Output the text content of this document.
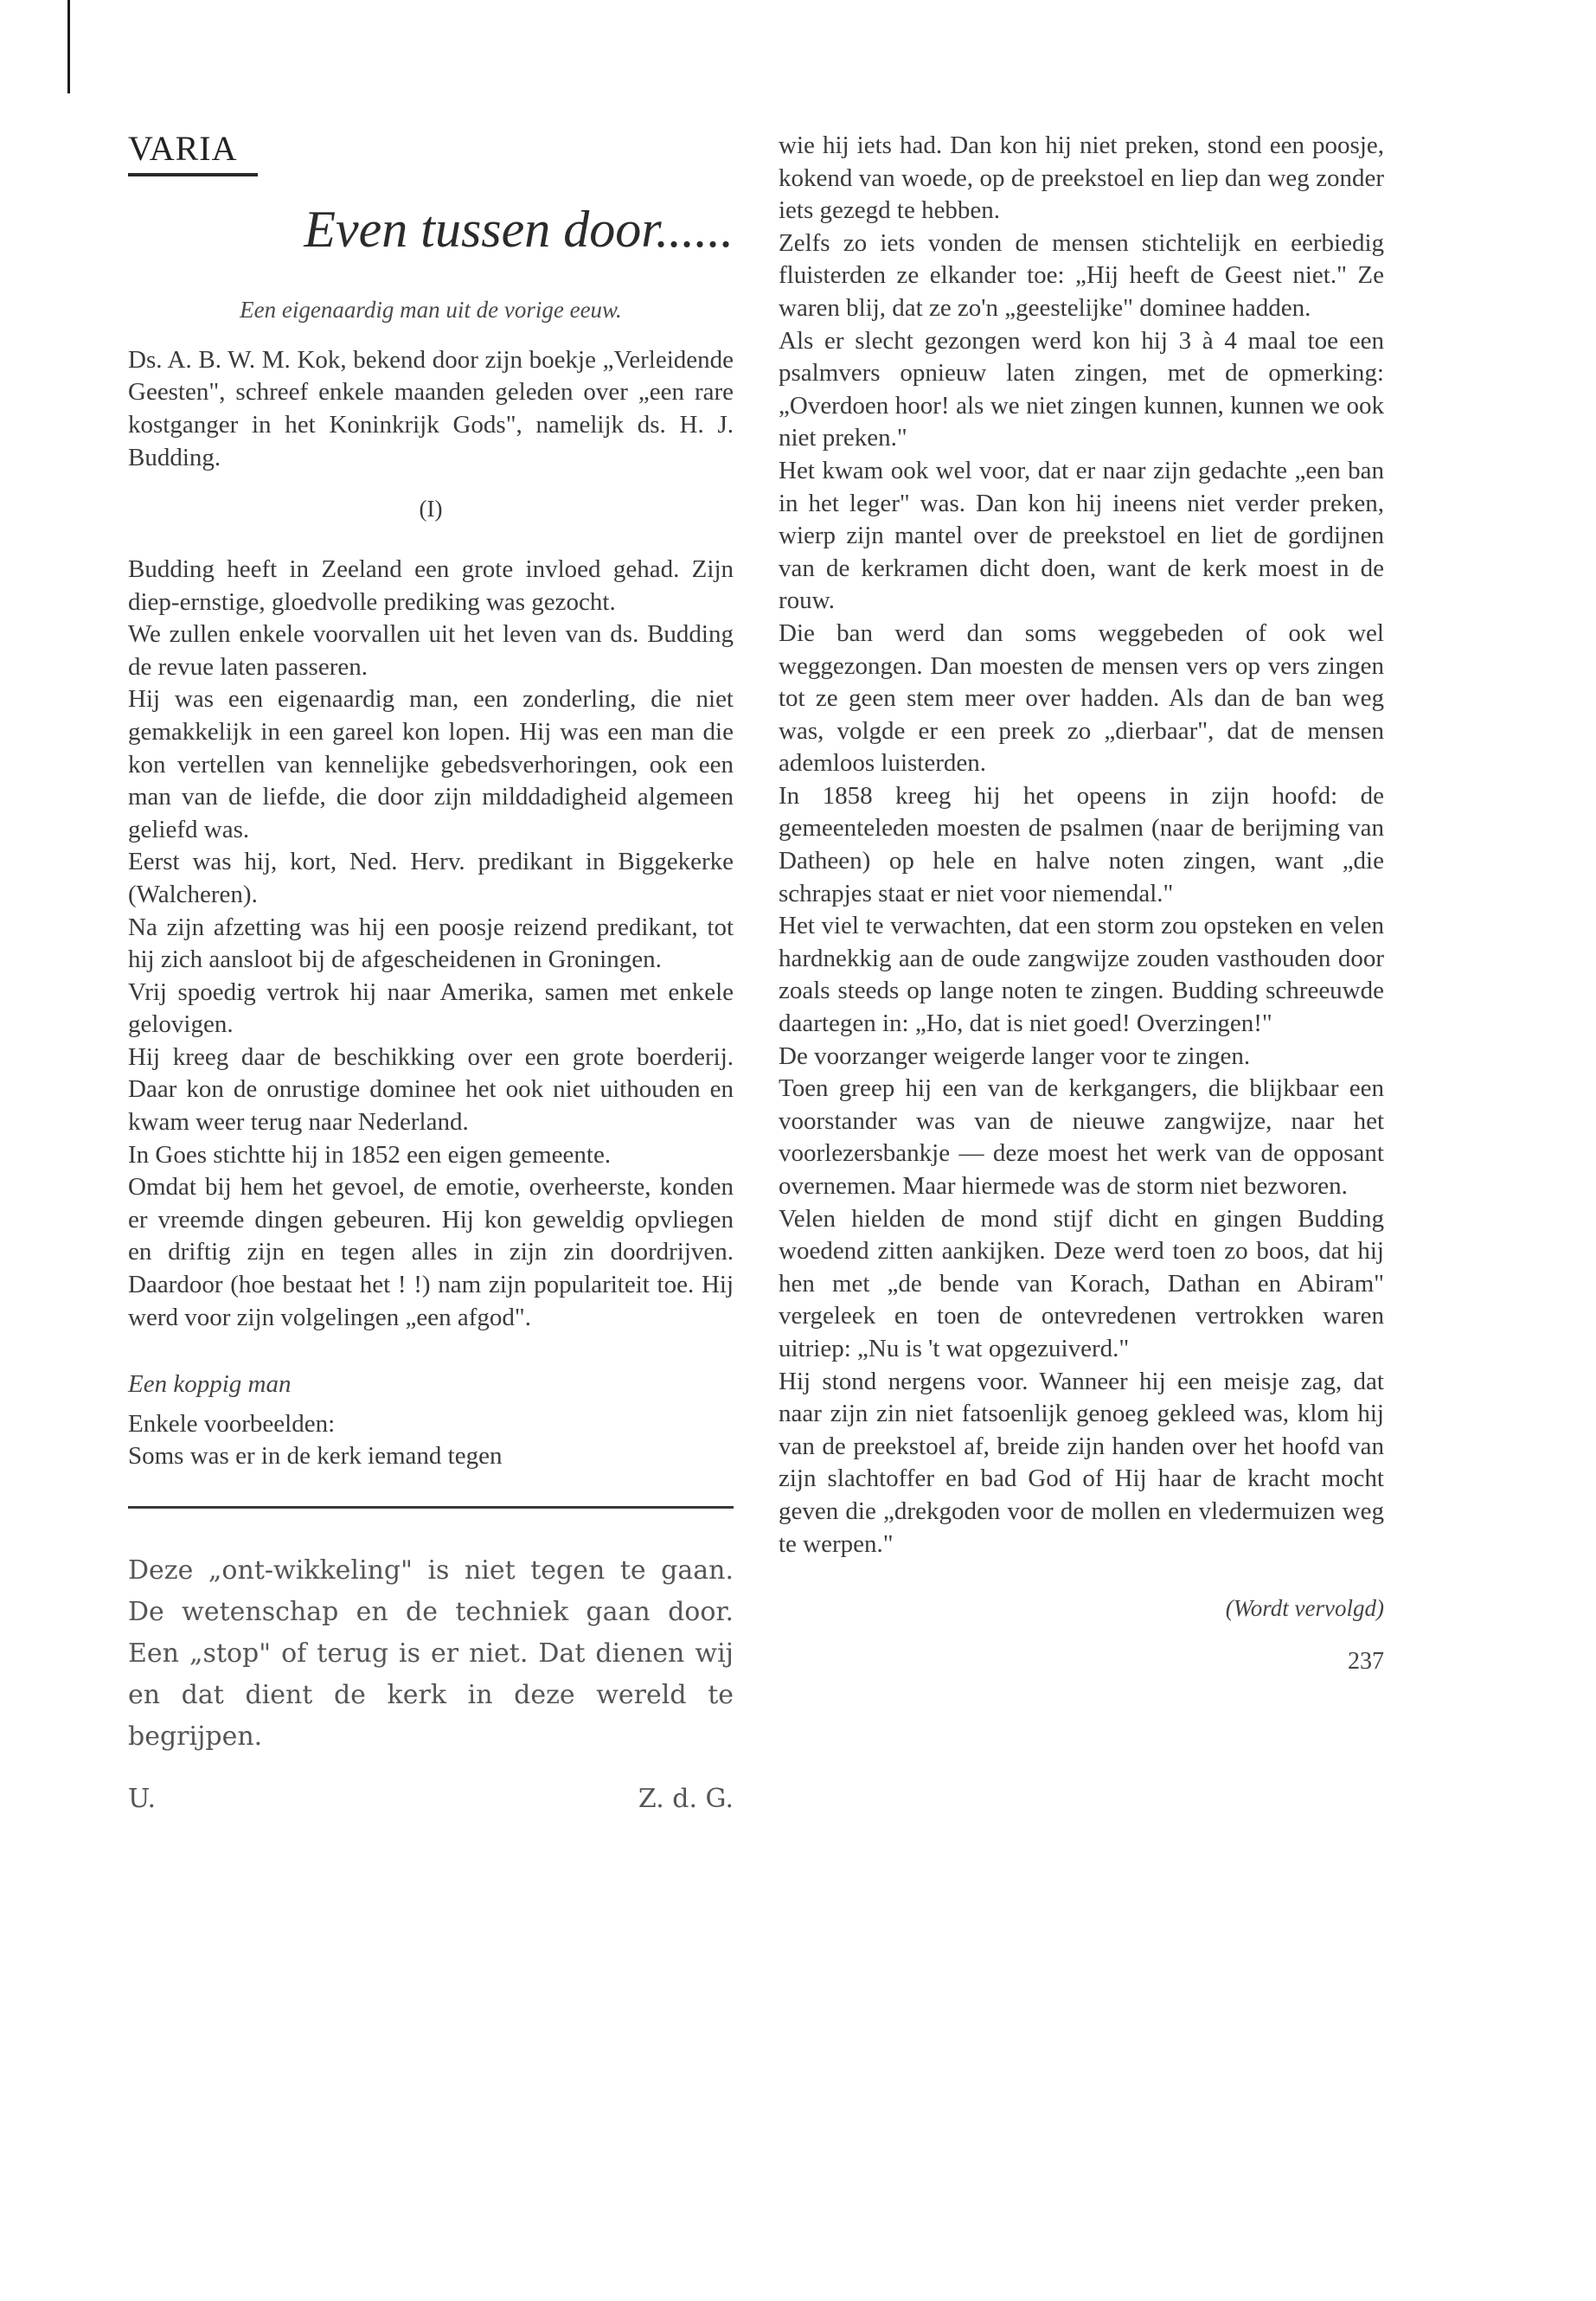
VARIA
Even tussen door......
Een eigenaardig man uit de vorige eeuw.

Ds. A. B. W. M. Kok, bekend door zijn boekje „Verleidende Geesten", schreef enkele maanden geleden over „een rare kostganger in het Koninkrijk Gods", namelijk ds. H. J. Budding.

(I)

Budding heeft in Zeeland een grote invloed gehad. Zijn diep-ernstige, gloedvolle prediking was gezocht.

We zullen enkele voorvallen uit het leven van ds. Budding de revue laten passeren.

Hij was een eigenaardig man, een zonderling, die niet gemakkelijk in een gareel kon lopen. Hij was een man die kon vertellen van kennelijke gebedsverhoringen, ook een man van de liefde, die door zijn milddadigheid algemeen geliefd was.

Eerst was hij, kort, Ned. Herv. predikant in Biggekerke (Walcheren).

Na zijn afzetting was hij een poosje reizend predikant, tot hij zich aansloot bij de afgescheidenen in Groningen.

Vrij spoedig vertrok hij naar Amerika, samen met enkele gelovigen.

Hij kreeg daar de beschikking over een grote boerderij. Daar kon de onrustige dominee het ook niet uithouden en kwam weer terug naar Nederland.

In Goes stichtte hij in 1852 een eigen gemeente.

Omdat bij hem het gevoel, de emotie, overheerste, konden er vreemde dingen gebeuren. Hij kon geweldig opvliegen en driftig zijn en tegen alles in zijn zin doordrijven. Daardoor (hoe bestaat het ! !) nam zijn populariteit toe. Hij werd voor zijn volgelingen „een afgod".

Een koppig man

Enkele voorbeelden:

Soms was er in de kerk iemand tegen

Deze „ont-wikkeling" is niet tegen te gaan. De wetenschap en de techniek gaan door. Een „stop" of terug is er niet. Dat dienen wij en dat dient de kerk in deze wereld te begrijpen.

U.	Z. d. G.

wie hij iets had. Dan kon hij niet preken, stond een poosje, kokend van woede, op de preekstoel en liep dan weg zonder iets gezegd te hebben.

Zelfs zo iets vonden de mensen stichtelijk en eerbiedig fluisterden ze elkander toe: „Hij heeft de Geest niet." Ze waren blij, dat ze zo'n „geestelijke" dominee hadden.

Als er slecht gezongen werd kon hij 3 à 4 maal toe een psalmvers opnieuw laten zingen, met de opmerking: „Overdoen hoor! als we niet zingen kunnen, kunnen we ook niet preken."

Het kwam ook wel voor, dat er naar zijn gedachte „een ban in het leger" was. Dan kon hij ineens niet verder preken, wierp zijn mantel over de preekstoel en liet de gordijnen van de kerkramen dicht doen, want de kerk moest in de rouw.

Die ban werd dan soms weggebeden of ook wel weggezongen. Dan moesten de mensen vers op vers zingen tot ze geen stem meer over hadden. Als dan de ban weg was, volgde er een preek zo „dierbaar", dat de mensen ademloos luisterden.

In 1858 kreeg hij het opeens in zijn hoofd: de gemeenteleden moesten de psalmen (naar de berijming van Datheen) op hele en halve noten zingen, want „die schrapjes staat er niet voor niemendal."

Het viel te verwachten, dat een storm zou opsteken en velen hardnekkig aan de oude zangwijze zouden vasthouden door zoals steeds op lange noten te zingen. Budding schreeuwde daartegen in: „Ho, dat is niet goed! Overzingen!"

De voorzanger weigerde langer voor te zingen.

Toen greep hij een van de kerkgangers, die blijkbaar een voorstander was van de nieuwe zangwijze, naar het voorlezersbankje — deze moest het werk van de opposant overnemen. Maar hiermede was de storm niet bezworen.

Velen hielden de mond stijf dicht en gingen Budding woedend zitten aankijken. Deze werd toen zo boos, dat hij hen met „de bende van Korach, Dathan en Abiram" vergeleek en toen de ontevredenen vertrokken waren uitriep: „Nu is 't wat opgezuiverd."

Hij stond nergens voor. Wanneer hij een meisje zag, dat naar zijn zin niet fatsoenlijk genoeg gekleed was, klom hij van de preekstoel af, breide zijn handen over het hoofd van zijn slachtoffer en bad God of Hij haar de kracht mocht geven die „drekgoden voor de mollen en vledermuizen weg te werpen."

(Wordt vervolgd)
237
